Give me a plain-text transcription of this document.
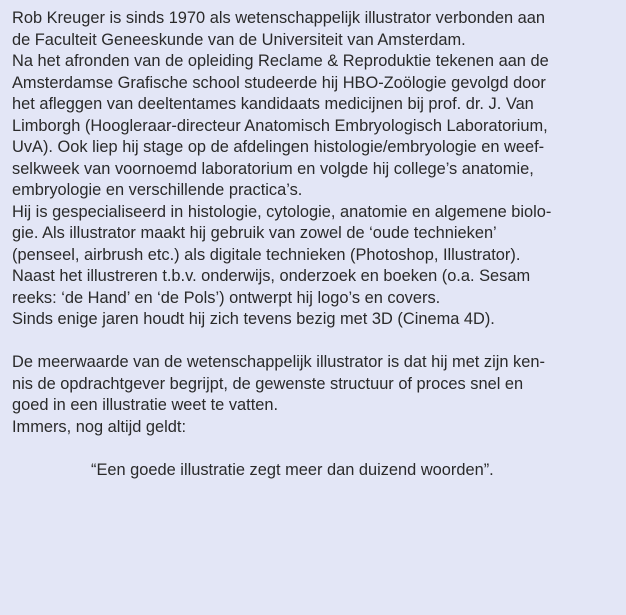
Rob Kreuger is sinds 1970 als wetenschappelijk illustrator verbonden aan
de Faculteit Geneeskunde van de Universiteit van Amsterdam.
Na het afronden van de opleiding Reclame & Reproduktie tekenen aan de
Amsterdamse Grafische school studeerde hij HBO-Zoölogie gevolgd door
het afleggen van deeltentames kandidaats medicijnen bij prof. dr. J. Van
Limborgh (Hoogleraar-directeur Anatomisch Embryologisch Laboratorium,
UvA). Ook liep hij stage op de afdelingen histologie/embryologie en weef-
selkweek van voornoemd laboratorium en volgde hij college’s anatomie,
embryologie en verschillende practica’s.
Hij is gespecialiseerd in histologie, cytologie, anatomie en algemene biolo-
gie. Als illustrator maakt hij gebruik van zowel de ‘oude technieken’
(penseel, airbrush etc.) als digitale technieken (Photoshop, Illustrator).
Naast het illustreren t.b.v. onderwijs, onderzoek en boeken (o.a. Sesam
reeks: ‘de Hand’ en ‘de Pols’) ontwerpt hij logo’s en covers.
Sinds enige jaren houdt hij zich tevens bezig met 3D (Cinema 4D).
De meerwaarde van de wetenschappelijk illustrator is dat hij met zijn ken-
nis de opdrachtgever begrijpt, de gewenste structuur of proces snel en
goed in een illustratie weet te vatten.
Immers, nog altijd geldt:
“Een goede illustratie zegt meer dan duizend woorden”.
